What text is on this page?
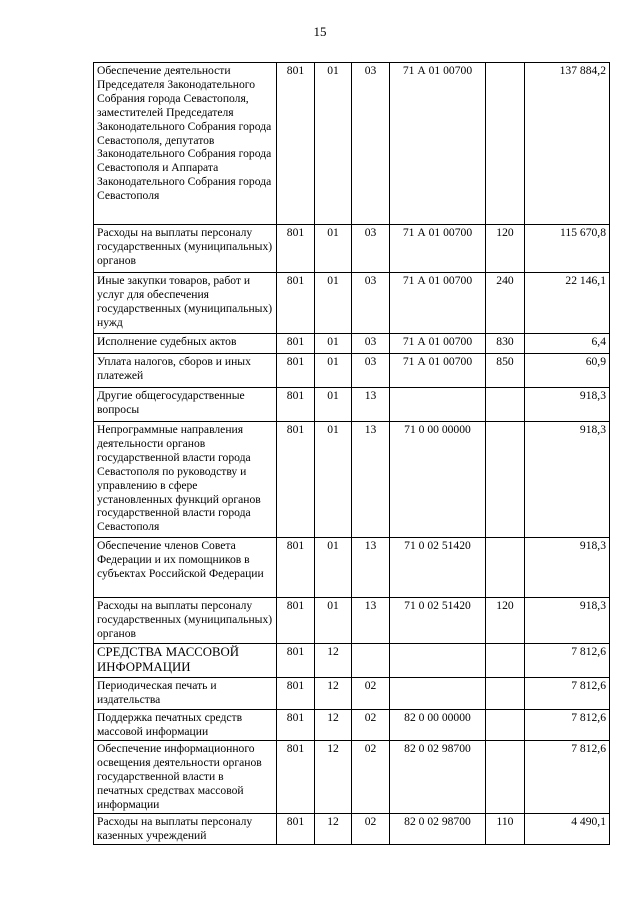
15
Обеспечение деятельности Председателя Законодательного Собрания города Севастополя, заместителей Председателя Законодательного Собрания города Севастополя, депутатов Законодательного Собрания города Севастополя и Аппарата Законодательного Собрания города Севастополя	801	01	03	71 А 01 00700		137 884,2
Расходы на выплаты персоналу государственных (муниципальных) органов	801	01	03	71 А 01 00700	120	115 670,8
Иные закупки товаров, работ и услуг для обеспечения государственных (муниципальных) нужд	801	01	03	71 А 01 00700	240	22 146,1
Исполнение судебных актов	801	01	03	71 А 01 00700	830	6,4
Уплата налогов, сборов и иных платежей	801	01	03	71 А 01 00700	850	60,9
Другие общегосударственные вопросы	801	01	13			918,3
Непрограммные направления деятельности органов государственной власти города Севастополя по руководству и управлению в сфере установленных функций органов государственной власти города Севастополя	801	01	13	71 0 00 00000		918,3
Обеспечение членов Совета Федерации и их помощников в субъектах Российской Федерации	801	01	13	71 0 02 51420		918,3
Расходы на выплаты персоналу государственных (муниципальных) органов	801	01	13	71 0 02 51420	120	918,3
СРЕДСТВА МАССОВОЙ ИНФОРМАЦИИ	801	12				7 812,6
Периодическая печать и издательства	801	12	02			7 812,6
Поддержка печатных средств массовой информации	801	12	02	82 0 00 00000		7 812,6
Обеспечение информационного освещения деятельности органов государственной власти в печатных средствах массовой информации	801	12	02	82 0 02 98700		7 812,6
Расходы на выплаты персоналу казенных учреждений	801	12	02	82 0 02 98700	110	4 490,1
